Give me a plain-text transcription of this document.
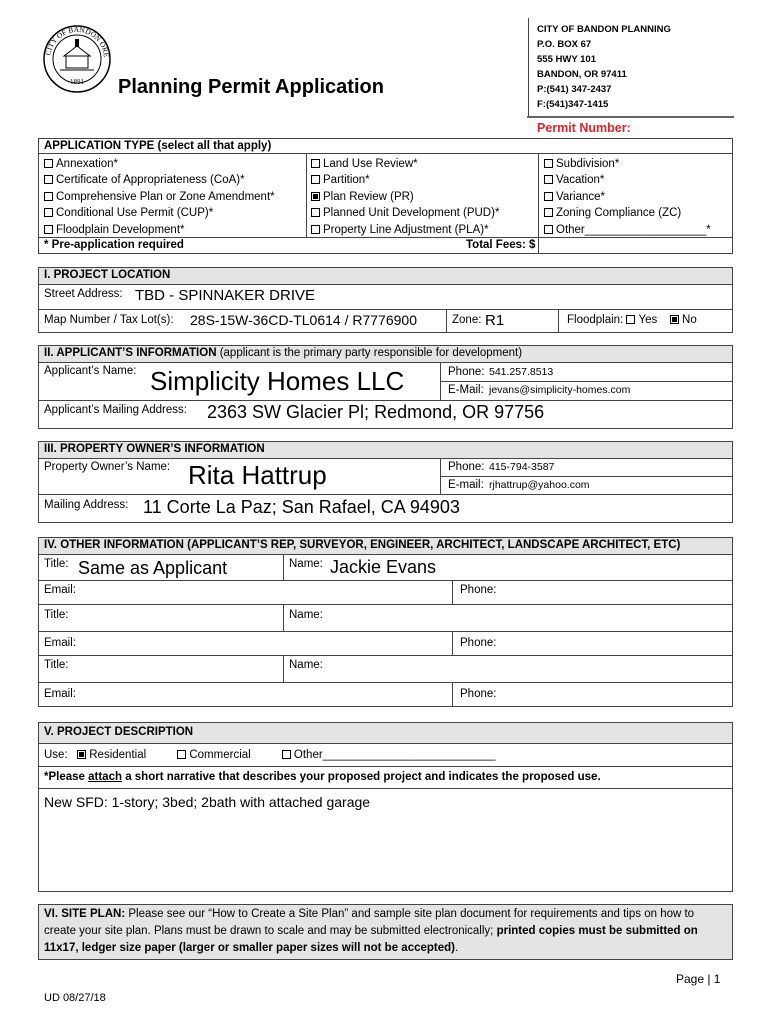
CITY OF BANDON ORE
1891 Planning Permit Application
CITY OF BANDON PLANNING
P.O. BOX 67
555 HWY 101
BANDON, OR 97411
P:(541) 347-2437
F:(541)347-1415
Permit Number:
APPLICATION TYPE (select all that apply)
Annexation*
Certificate of Appropriateness (CoA)*
Comprehensive Plan or Zone Amendment*
Conditional Use Permit (CUP)*
Floodplain Development*
Land Use Review*
Partition*
Plan Review (PR)
Planned Unit Development (PUD)*
Property Line Adjustment (PLA)*
Subdivision*
Vacation*
Variance*
Zoning Compliance (ZC)
Other___________________*
* Pre-application required	Total Fees: $
I. PROJECT LOCATION
Street Address: TBD - SPINNAKER DRIVE
Map Number / Tax Lot(s): 28S-15W-36CD-TL0614 / R7776900	Zone: R1	Floodplain: Yes No
II. APPLICANT’S INFORMATION (applicant is the primary party responsible for development)
Applicant’s Name: Simplicity Homes LLC	Phone: 541.257.8513
E-Mail: jevans@simplicity-homes.com
Applicant’s Mailing Address: 2363 SW Glacier Pl; Redmond, OR 97756
III. PROPERTY OWNER’S INFORMATION
Property Owner’s Name: Rita Hattrup	Phone: 415-794-3587
E-mail: rjhattrup@yahoo.com
Mailing Address: 11 Corte La Paz; San Rafael, CA 94903
IV. OTHER INFORMATION (APPLICANT’S REP, SURVEYOR, ENGINEER, ARCHITECT, LANDSCAPE ARCHITECT, ETC)
Title: Same as Applicant	Name: Jackie Evans
Email:	Phone:
Title:	Name:
Email:	Phone:
Title:	Name:
Email:	Phone:
V. PROJECT DESCRIPTION
Use: Residential	Commercial	Other___________________________
*Please attach a short narrative that describes your proposed project and indicates the proposed use.
New SFD: 1-story; 3bed; 2bath with attached garage
VI. SITE PLAN: Please see our “How to Create a Site Plan” and sample site plan document for requirements and tips on how to create your site plan. Plans must be drawn to scale and may be submitted electronically; printed copies must be submitted on 11x17, ledger size paper (larger or smaller paper sizes will not be accepted).
Page | 1
UD 08/27/18
